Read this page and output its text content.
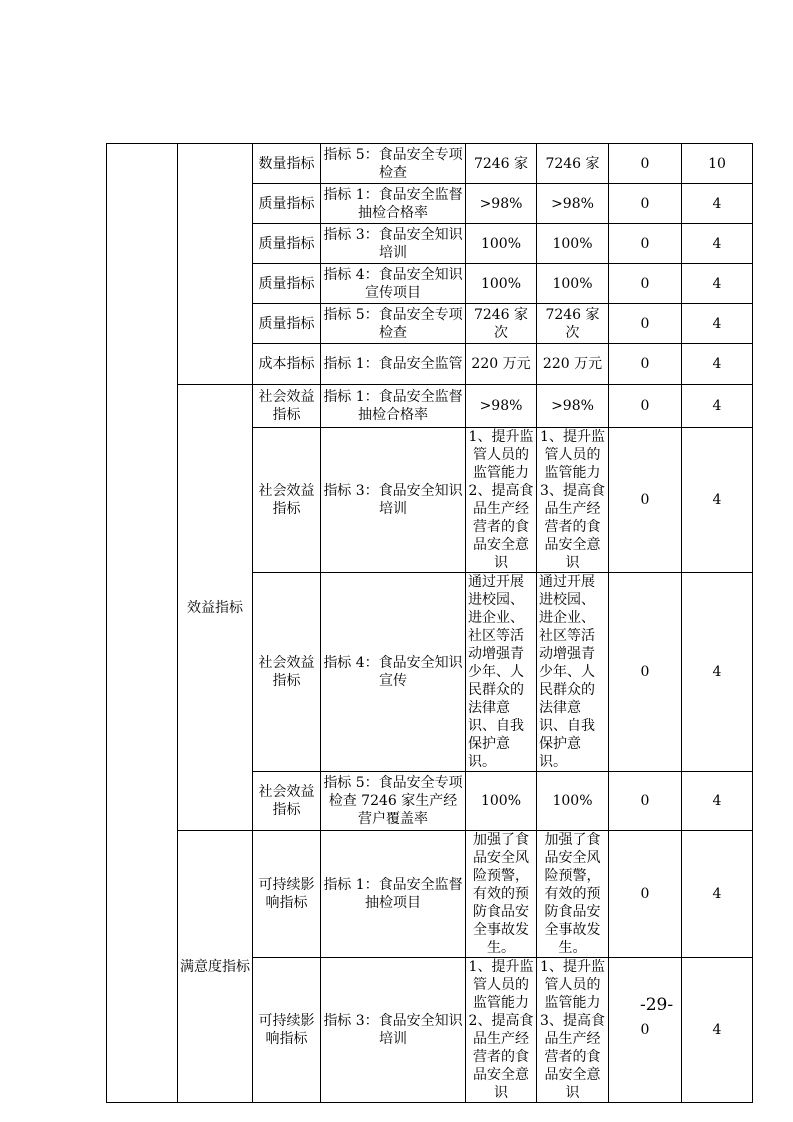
		数量指标	指标 5：食品安全专项检查	7246 家	7246 家	0	10
		质量指标	指标 1：食品安全监督抽检合格率	>98%	>98%	0	4
		质量指标	指标 3：食品安全知识培训	100%	100%	0	4
		质量指标	指标 4：食品安全知识宣传项目	100%	100%	0	4
		质量指标	指标 5：食品安全专项检查	7246 家次	7246 家次	0	4
		成本指标	指标 1：食品安全监管	220 万元	220 万元	0	4
	效益指标	社会效益指标	指标 1：食品安全监督抽检合格率	>98%	>98%	0	4
		社会效益指标	指标 3：食品安全知识培训	1、提升监管人员的监管能力 2、提高食品生产经营者的食品安全意识	1、提升监管人员的监管能力 3、提高食品生产经营者的食品安全意识	0	4
		社会效益指标	指标 4：食品安全知识宣传	通过开展进校园、进企业、社区等活动增强青少年、人民群众的法律意识、自我保护意识。	通过开展进校园、进企业、社区等活动增强青少年、人民群众的法律意识、自我保护意识。	0	4
		社会效益指标	指标 5：食品安全专项检查 7246 家生产经营户覆盖率	100%	100%	0	4
	满意度指标	可持续影响指标	指标 1：食品安全监督抽检项目	加强了食品安全风险预警，有效的预防食品安全事故发生。	加强了食品安全风险预警，有效的预防食品安全事故发生。	0	4
		可持续影响指标	指标 3：食品安全知识培训	1、提升监管人员的监管能力 2、提高食品生产经营者的食品安全意识	1、提升监管人员的监管能力 3、提高食品生产经营者的食品安全意识	0	4
-29-
